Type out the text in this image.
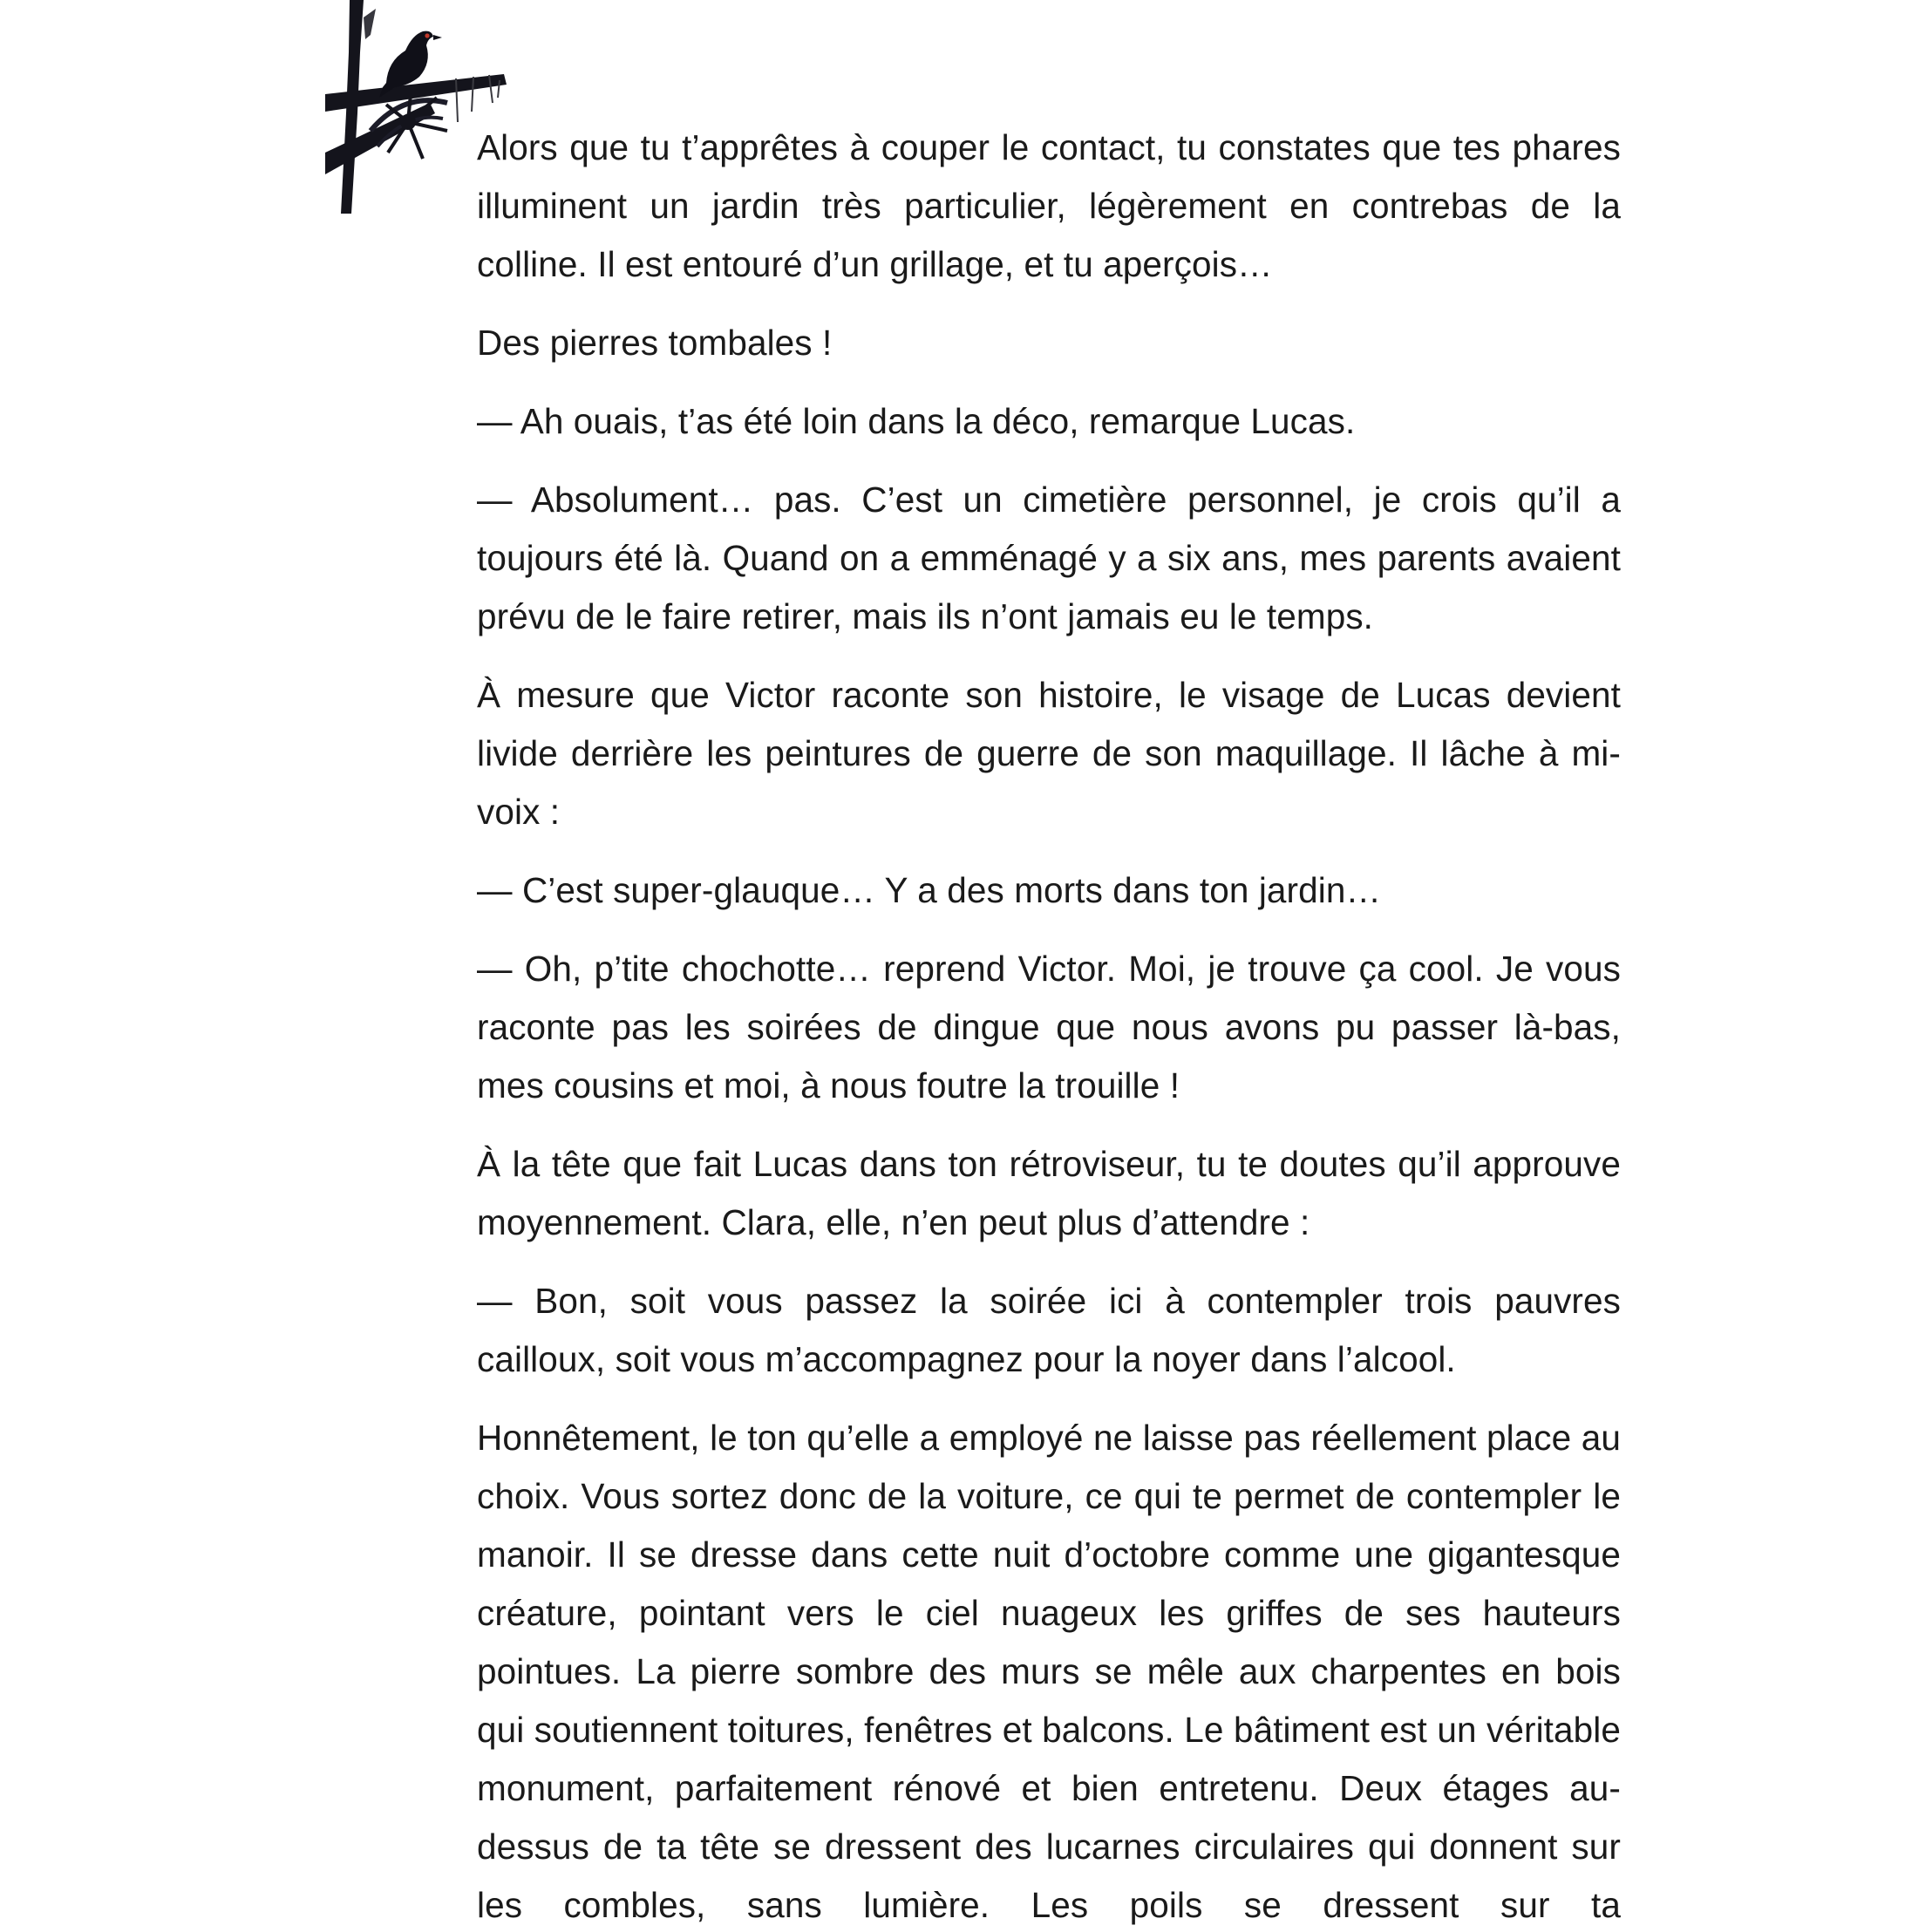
Alors que tu t’apprêtes à couper le contact, tu constates que tes phares illuminent un jardin très particulier, légèrement en contrebas de la colline. Il est entouré d’un grillage, et tu aperçois…

Des pierres tombales !

— Ah ouais, t’as été loin dans la déco, remarque Lucas.

— Absolument… pas. C’est un cimetière personnel, je crois qu’il a toujours été là. Quand on a emménagé y a six ans, mes parents avaient prévu de le faire retirer, mais ils n’ont jamais eu le temps.

À mesure que Victor raconte son histoire, le visage de Lucas devient livide derrière les peintures de guerre de son maquillage. Il lâche à mi-voix :

— C’est super-glauque… Y a des morts dans ton jardin…

— Oh, p’tite chochotte… reprend Victor. Moi, je trouve ça cool. Je vous raconte pas les soirées de dingue que nous avons pu passer là-bas, mes cousins et moi, à nous foutre la trouille !

À la tête que fait Lucas dans ton rétroviseur, tu te doutes qu’il approuve moyennement. Clara, elle, n’en peut plus d’attendre :

— Bon, soit vous passez la soirée ici à contempler trois pauvres cailloux, soit vous m’accompagnez pour la noyer dans l’alcool.

Honnêtement, le ton qu’elle a employé ne laisse pas réellement place au choix. Vous sortez donc de la voiture, ce qui te permet de contempler le manoir. Il se dresse dans cette nuit d’octobre comme une gigantesque créature, pointant vers le ciel nuageux les griffes de ses hauteurs pointues. La pierre sombre des murs se mêle aux charpentes en bois qui soutiennent toitures, fenêtres et balcons. Le bâtiment est un véritable monument, parfaitement rénové et bien entretenu. Deux étages au-dessus de ta tête se dressent des lucarnes circulaires qui donnent sur les combles, sans lumière. Les poils se dressent sur ta
